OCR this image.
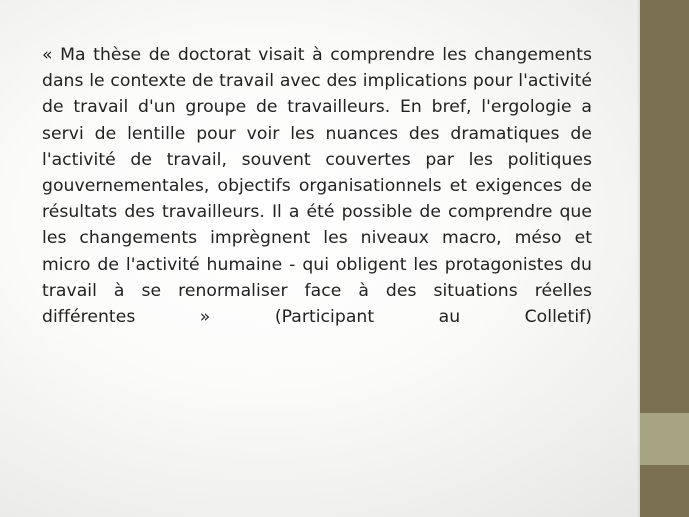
« Ma thèse de doctorat visait à comprendre les changements dans le contexte de travail avec des implications pour l'activité de travail d'un groupe de travailleurs. En bref, l'ergologie a servi de lentille pour voir les nuances des dramatiques de l'activité de travail, souvent couvertes par les politiques gouvernementales, objectifs organisationnels et exigences de résultats des travailleurs. Il a été possible de comprendre que les changements imprègnent les niveaux macro, méso et micro de l'activité humaine - qui obligent les protagonistes du travail à se renormaliser face à des situations réelles différentes » (Participant au Colletif)
